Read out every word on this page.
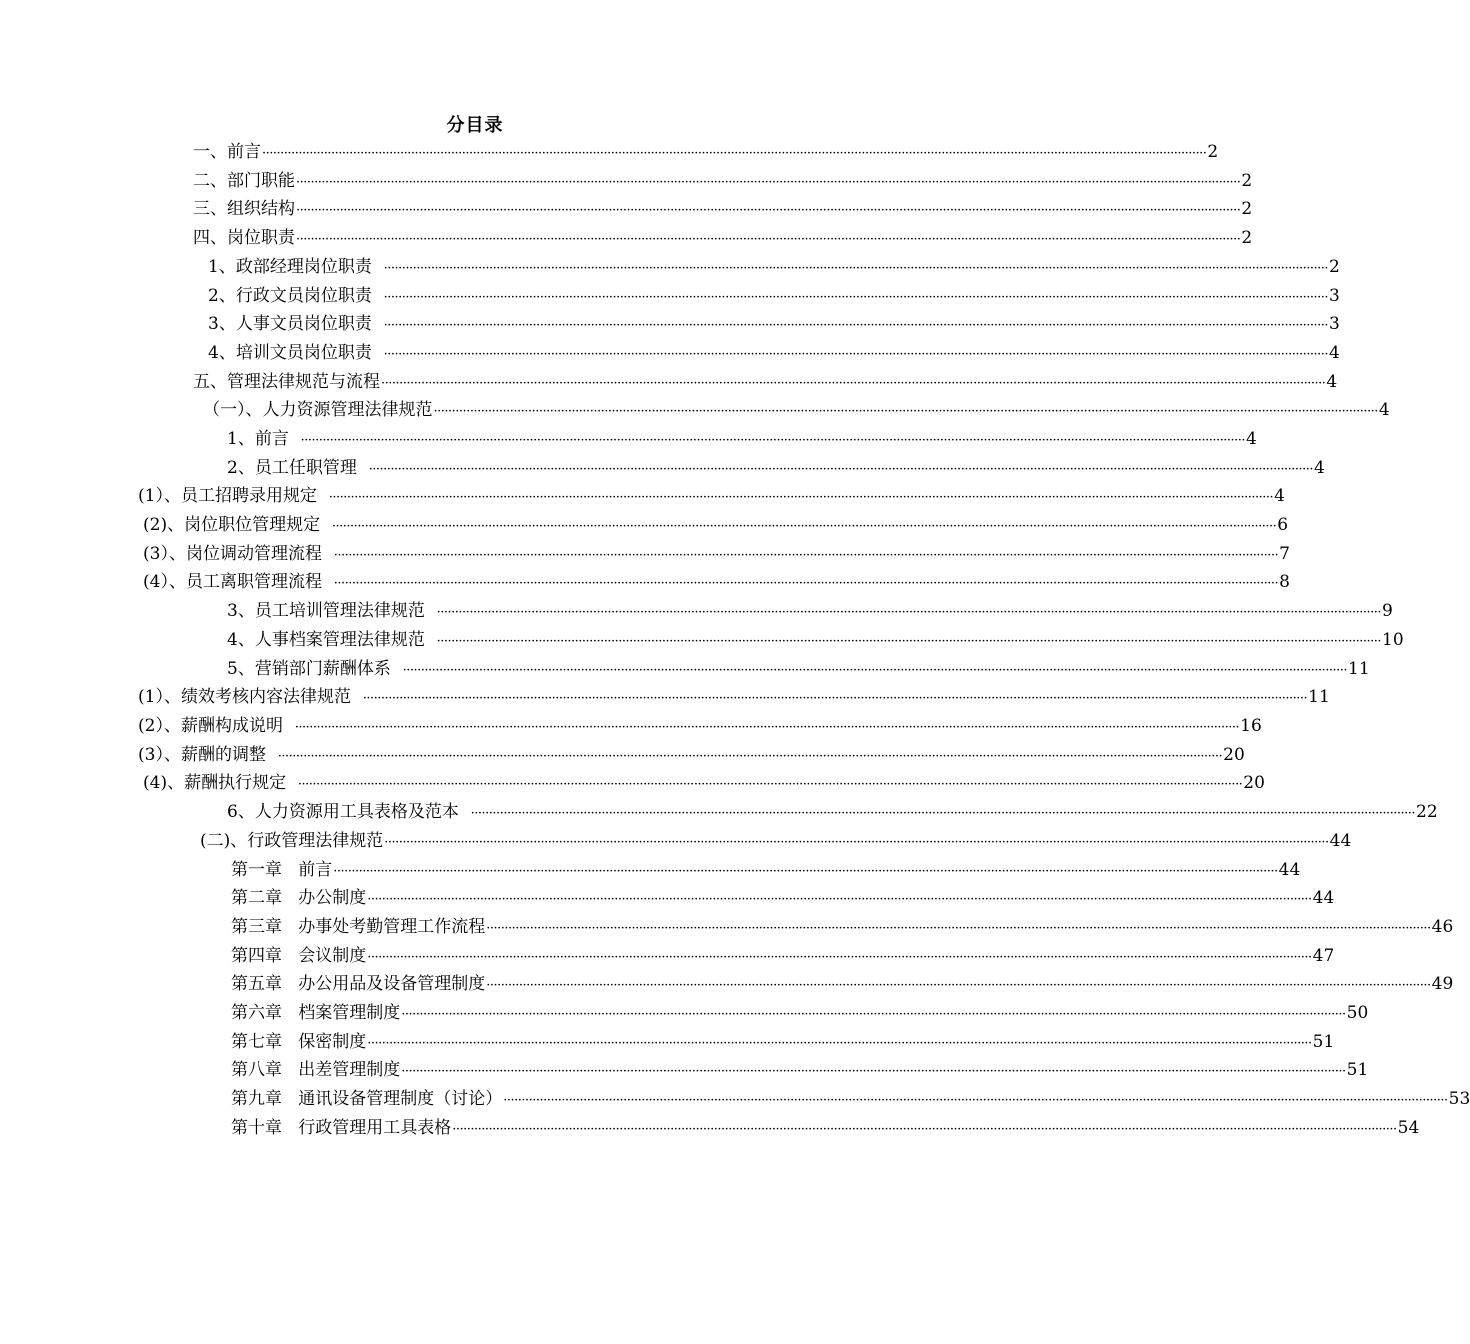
分目录
一、前言 ···································································································································································································································································· 2
二、部门职能 ···································································································································································································································································· 2
三、组织结构 ···································································································································································································································································· 2
四、岗位职责 ···································································································································································································································································· 2
1、政部经理岗位职责 ···································································································································································································································································· 2
2、行政文员岗位职责 ···································································································································································································································································· 3
3、人事文员岗位职责 ···································································································································································································································································· 3
4、培训文员岗位职责 ···································································································································································································································································· 4
五、管理法律规范与流程 ···································································································································································································································································· 4
（一）、人力资源管理法律规范 ···································································································································································································································································· 4
1、前言 ···································································································································································································································································· 4
2、员工任职管理 ···································································································································································································································································· 4
(1）、员工招聘录用规定 ···································································································································································································································································· 4
(2)、岗位职位管理规定 ···································································································································································································································································· 6
(3）、岗位调动管理流程 ···································································································································································································································································· 7
(4）、员工离职管理流程 ···································································································································································································································································· 8
3、员工培训管理法律规范 ···································································································································································································································································· 9
4、人事档案管理法律规范 ···································································································································································································································································· 10
5、营销部门薪酬体系 ···································································································································································································································································· 11
(1）、绩效考核内容法律规范 ···································································································································································································································································· 11
(2）、薪酬构成说明 ···································································································································································································································································· 16
(3）、薪酬的调整 ···································································································································································································································································· 20
(4)、薪酬执行规定 ···································································································································································································································································· 20
6、人力资源用工具表格及范本 ···································································································································································································································································· 22
(二)、行政管理法律规范 ···································································································································································································································································· 44
第一章   前言 ···································································································································································································································································· 44
第二章   办公制度 ···································································································································································································································································· 44
第三章   办事处考勤管理工作流程 ···································································································································································································································································· 46
第四章   会议制度 ···································································································································································································································································· 47
第五章   办公用品及设备管理制度 ···································································································································································································································································· 49
第六章   档案管理制度 ···································································································································································································································································· 50
第七章   保密制度 ···································································································································································································································································· 51
第八章   出差管理制度 ···································································································································································································································································· 51
第九章   通讯设备管理制度（讨论） ···································································································································································································································································· 53
第十章   行政管理用工具表格 ···································································································································································································································································· 54
